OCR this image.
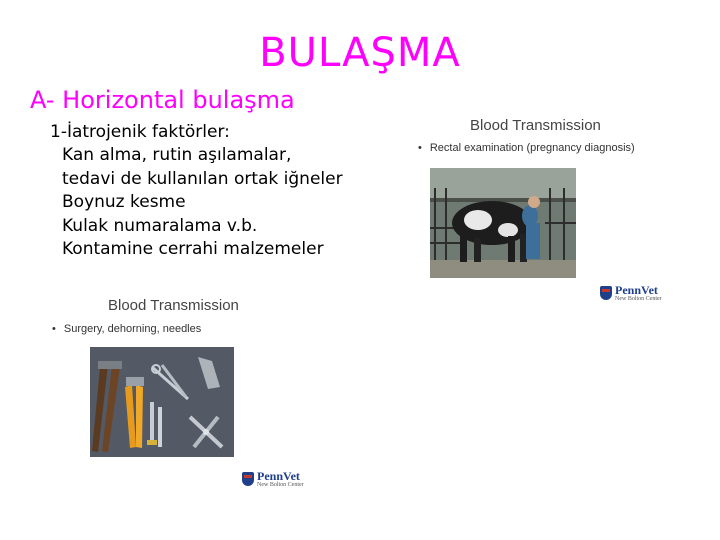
BULAŞMA
A- Horizontal bulaşma
1-İatrojenik faktörler:
Kan alma, rutin aşılamalar,
tedavi de kullanılan ortak iğneler
Boynuz kesme
Kulak numaralama v.b.
Kontamine cerrahi malzemeler
Blood Transmission
• Rectal examination (pregnancy diagnosis)
PennVet
New Bolton Center
Blood Transmission
• Surgery, dehorning, needles
PennVet
New Bolton Center
